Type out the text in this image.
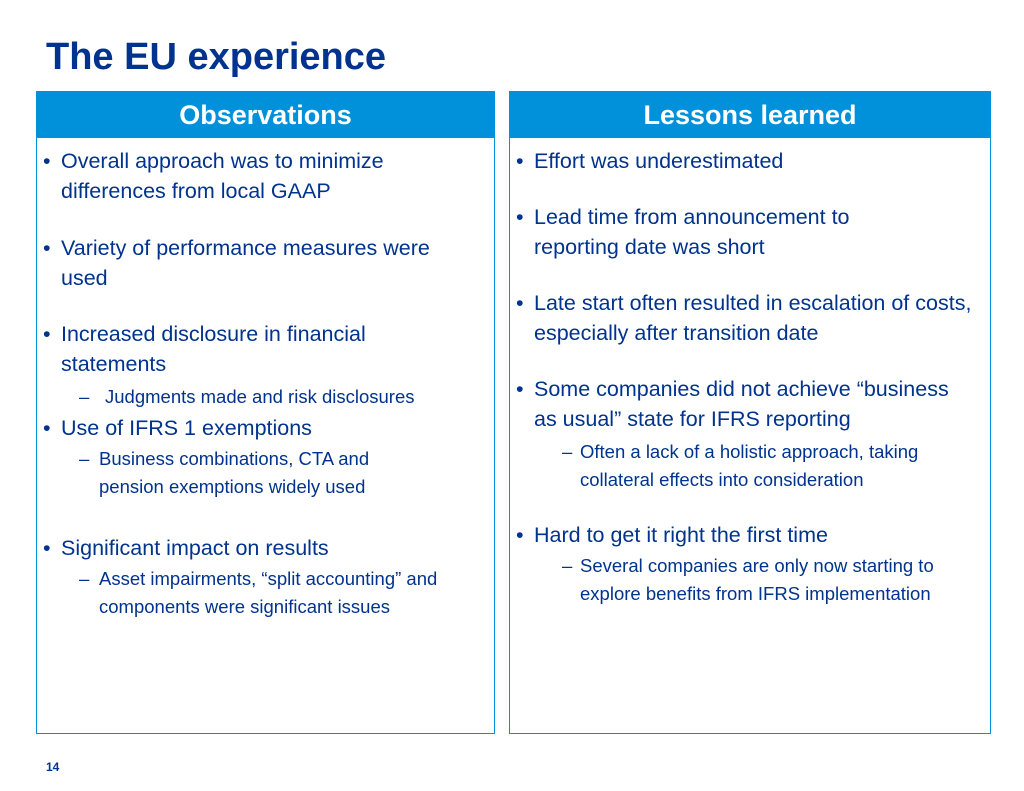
The EU experience
Observations
• Overall approach was to minimize differences from local GAAP
• Variety of performance measures were used
• Increased disclosure in financial statements
– Judgments made and risk disclosures
• Use of IFRS 1 exemptions
– Business combinations, CTA and pension exemptions widely used
• Significant impact on results
– Asset impairments, “split accounting” and components were significant issues
Lessons learned
• Effort was underestimated
• Lead time from announcement to reporting date was short
• Late start often resulted in escalation of costs, especially after transition date
• Some companies did not achieve “business as usual” state for IFRS reporting
– Often a lack of a holistic approach, taking collateral effects into consideration
• Hard to get it right the first time
– Several companies are only now starting to explore benefits from IFRS implementation
14
